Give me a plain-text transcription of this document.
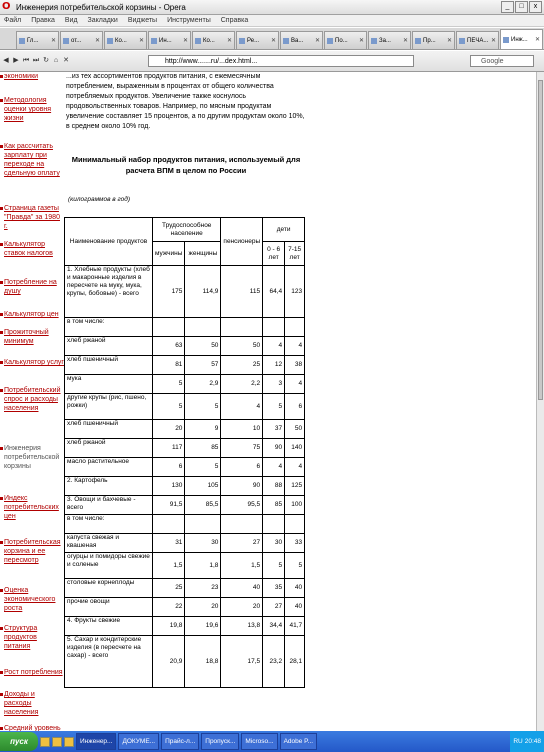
O Инженерия потребительской корзины - Opera	_	□	x
Файл Правка Вид Закладки Виджеты Инструменты Справка
Гл... ✕	от... ✕	Ко... ✕	Ин... ✕	Ко... ✕	Ре... ✕	Ва... ✕	По... ✕	За... ✕	Пр... ✕	ПЕЧА... ✕	Инж... ✕
◀ ▶ ⏮ ⏭ ↻ ⌂ ✕	http://www.......ru/...dex.html...	Google
экономики
Методология оценки уровня жизни
Как рассчитать зарплату при переходе на сдельную оплату
Страница газеты "Правда" за 1980 г.
Калькулятор ставок налогов
Потребление на душу
Калькулятор цен
Прожиточный минимум
Калькулятор услуг
Потребительский спрос и расходы населения
Инженерия потребительской корзины
Индекс потребительских цен
Потребительская корзина и ее пересмотр
Оценка экономического роста
Структура продуктов питания
Рост потребления
Доходы и расходы населения
Средний уровень
...из тех ассортиментов продуктов питания, с ежемесячным потреблением, выраженным в процентах от общего количества потребляемых продуктов. Увеличение также коснулось продовольственных товаров. Например, по мясным продуктам увеличение составляет 15 процентов, а по другим продуктам около 10%, в среднем около 10% год.
Минимальный набор продуктов питания, используемый для расчета ВПМ в целом по России
(килограммов в год)
Наименование продуктов	Трудоспособное население		пенсионеры	дети	
	мужчины	женщины		0 - 6 лет	7-15 лет

1. Хлебные продукты (хлеб и макаронные изделия в пересчете на муку, мука, крупы, бобовые) - всего	175	114,9	115	64,4	123
в том числе:					
хлеб ржаной	63	50	50	4	4
хлеб пшеничный	81	57	25	12	38
мука	5	2,9	2,2	3	4
другие крупы (рис, пшено, рожки)	5	5	4	5	6
хлеб пшеничный	20	9	10	37	50
хлеб ржаной	117	85	75	90	140
масло растительное	6	5	6	4	4
2. Картофель	130	105	90	88	125
3. Овощи и бахчевые - всего	91,5	85,5	95,5	85	100
в том числе:					
капуста свежая и квашеная	31	30	27	30	33
огурцы и помидоры свежие и соленые	1,5	1,8	1,5	5	5
столовые корнеплоды	25	23	40	35	40
прочие овощи	22	20	20	27	40
4. Фрукты свежие	19,8	19,6	13,8	34,4	41,7
5. Сахар и кондитерские изделия (в пересчете на сахар) - всего	20,9	18,8	17,5	23,2	28,1
пуск	Инженер...	ДОКУМЕ...	Прайс-л...	Пропуск...	Microso...	Adobe P...	RU 20:48
